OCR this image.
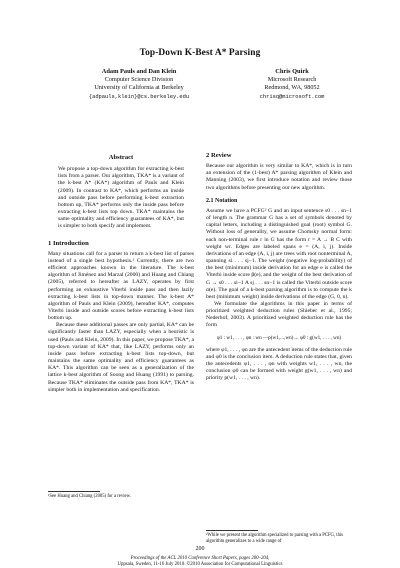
Top-Down K-Best A* Parsing
Adam Pauls and Dan Klein
Computer Science Division
University of California at Berkeley
{adpauls,klein}@cs.berkeley.edu
Chris Quirk
Microsoft Research
Redmond, WA, 98052
chrisq@microsoft.com
Abstract

We propose a top-down algorithm for extracting k-best lists from a parser. Our algorithm, TKA* is a variant of the k-best A* (KA*) algorithm of Pauls and Klein (2009). In contrast to KA*, which performs an inside and outside pass before performing k-best extraction bottom up, TKA* performs only the inside pass before extracting k-best lists top down. TKA* maintains the same optimality and efficiency guarantees of KA*, but is simpler to both specify and implement.

1 Introduction

Many situations call for a parser to return a k-best list of parses instead of a single best hypothesis.¹ Currently, there are two efficient approaches known in the literature. The k-best algorithm of Jiménez and Marzal (2000) and Huang and Chiang (2005), referred to hereafter as LAZY, operates by first performing an exhaustive Viterbi inside pass and then lazily extracting k-best lists in top-down manner. The k-best A* algorithm of Pauls and Klein (2009), hereafter KA*, computes Viterbi inside and outside scores before extracting k-best lists bottom up.

Because these additional passes are only partial, KA* can be significantly faster than LAZY, especially when a heuristic is used (Pauls and Klein, 2009). In this paper, we propose TKA*, a top-down variant of KA* that, like LAZY, performs only an inside pass before extracting k-best lists top-down, but maintains the same optimality and efficiency guarantees as KA*. This algorithm can be seen as a generalization of the lattice k-best algorithm of Soong and Huang (1991) to parsing. Because TKA* eliminates the outside pass from KA*, TKA* is simpler both in implementation and specification.

¹See Huang and Chiang (2005) for a review.
2 Review

Because our algorithm is very similar to KA*, which is in turn an extension of the (1-best) A* parsing algorithm of Klein and Manning (2003), we first introduce notation and review those two algorithms before presenting our new algorithm.

2.1 Notation

Assume we have a PCFG² G and an input sentence s0 . . . sn−1 of length n. The grammar G has a set of symbols denoted by capital letters, including a distinguished goal (root) symbol G. Without loss of generality, we assume Chomsky normal form: each non-terminal rule r in G has the form r = A → B C with weight wr. Edges are labeled spans e = (A, i, j). Inside derivations of an edge (A, i, j) are trees with root nonterminal A, spanning si . . . sj−1. The weight (negative log-probability) of the best (minimum) inside derivation for an edge e is called the Viterbi inside score β(e), and the weight of the best derivation of G → s0 . . . si−1 A sj . . . sn−1 is called the Viterbi outside score α(e). The goal of a k-best parsing algorithm is to compute the k best (minimum weight) inside derivations of the edge (G, 0, n).

We formulate the algorithms in this paper in terms of prioritized weighted deduction rules (Shieber et al., 1995; Nederhof, 2003). A prioritized weighted deduction rule has the form

φ1 : w1, . . . , φn : wn —p(w1,...,wn)→ φ0 : g(w1, . . . , wn)

where φ1, . . . , φn are the antecedent items of the deduction rule and φ0 is the conclusion item. A deduction rule states that, given the antecedents φ1, . . . , φn with weights w1, . . . , wn, the conclusion φ0 can be formed with weight g(w1, . . . , wn) and priority p(w1, . . . , wn).

²While we present the algorithm specialized to parsing with a PCFG, this algorithm generalizes to a wide range of
200
Proceedings of the ACL 2010 Conference Short Papers, pages 200–204,
Uppsala, Sweden, 11-16 July 2010. ©2010 Association for Computational Linguistics
